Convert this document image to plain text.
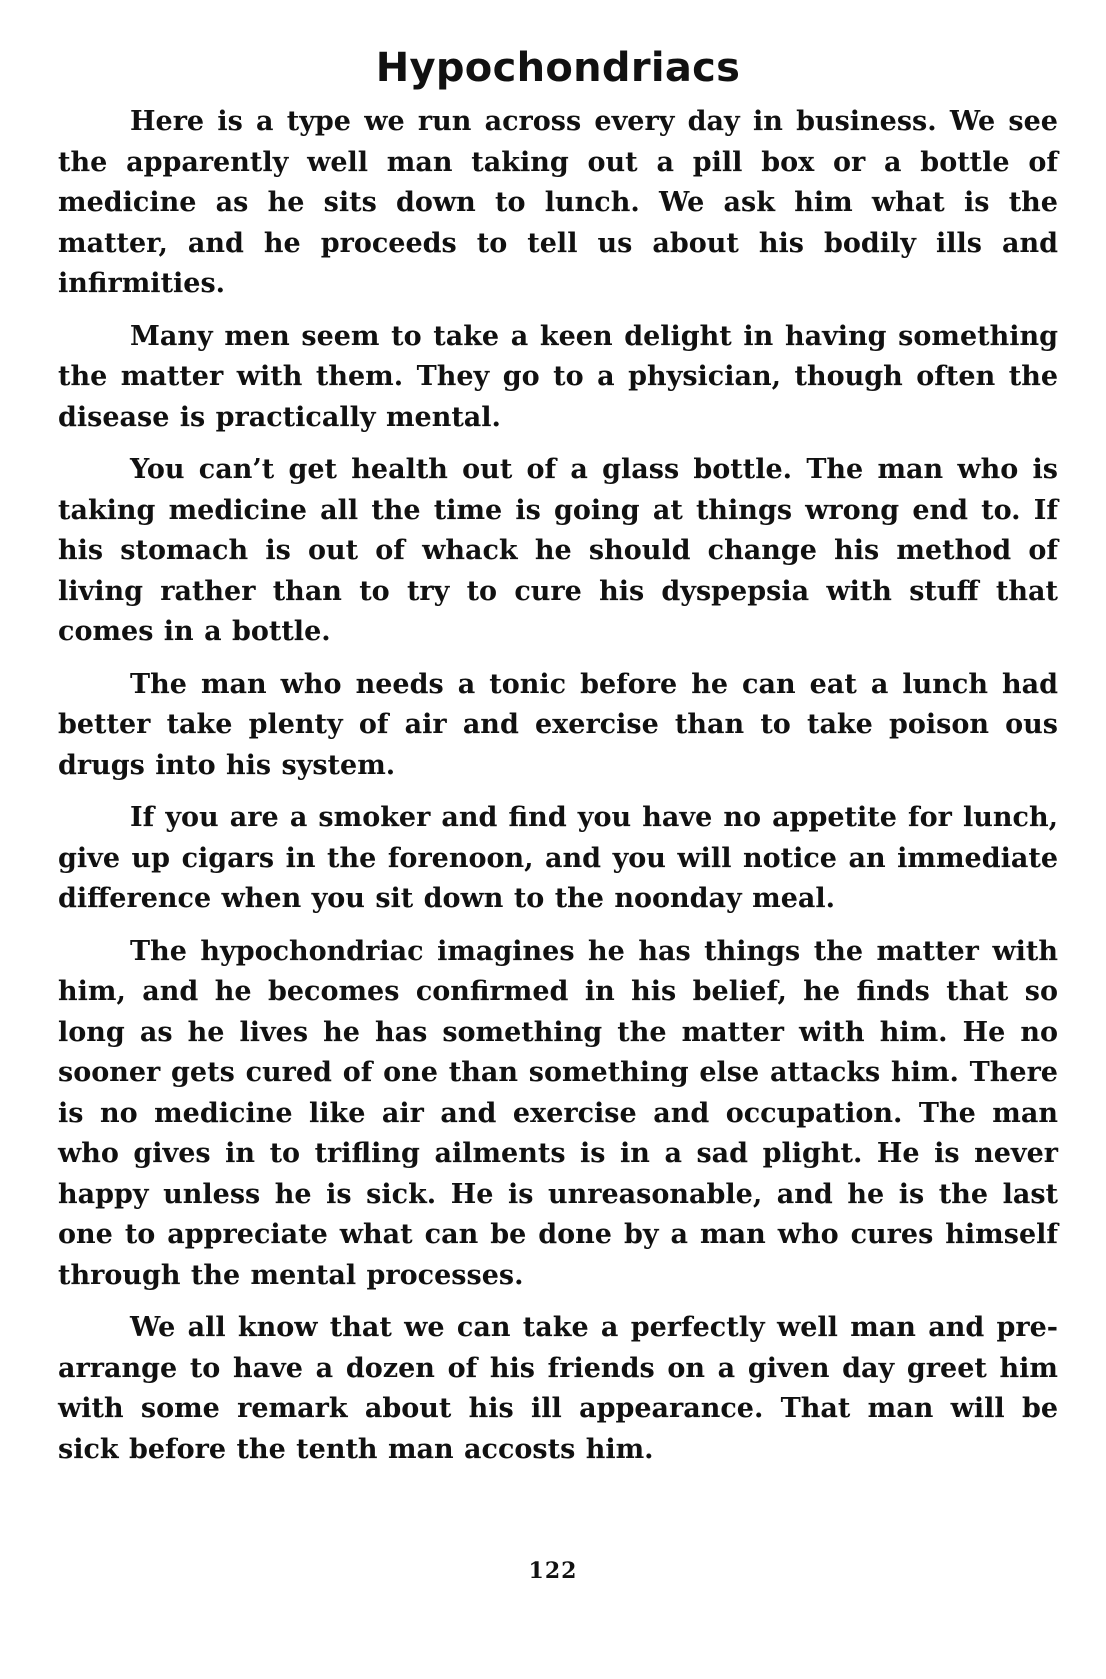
Hypochondriacs

Here is a type we run across every day in business. We see the apparently well man taking out a pill box or a bottle of medicine as he sits down to lunch. We ask him what is the matter, and he proceeds to tell us about his bodily ills and infirmities.

Many men seem to take a keen delight in having something the matter with them. They go to a physician, though often the disease is practically mental.

You can’t get health out of a glass bottle. The man who is taking medicine all the time is going at things wrong end to. If his stomach is out of whack he should change his method of living rather than to try to cure his dyspepsia with stuff that comes in a bottle.

The man who needs a tonic before he can eat a lunch had better take plenty of air and exercise than to take poison ous drugs into his system.

If you are a smoker and find you have no appetite for lunch, give up cigars in the forenoon, and you will notice an immediate difference when you sit down to the noonday meal.

The hypochondriac imagines he has things the matter with him, and he becomes confirmed in his belief, he finds that so long as he lives he has something the matter with him. He no sooner gets cured of one than something else attacks him. There is no medicine like air and exercise and occupation. The man who gives in to trifling ailments is in a sad plight. He is never happy unless he is sick. He is unreasonable, and he is the last one to appreciate what can be done by a man who cures himself through the mental processes.

We all know that we can take a perfectly well man and pre-arrange to have a dozen of his friends on a given day greet him with some remark about his ill appearance. That man will be sick before the tenth man accosts him.

122
